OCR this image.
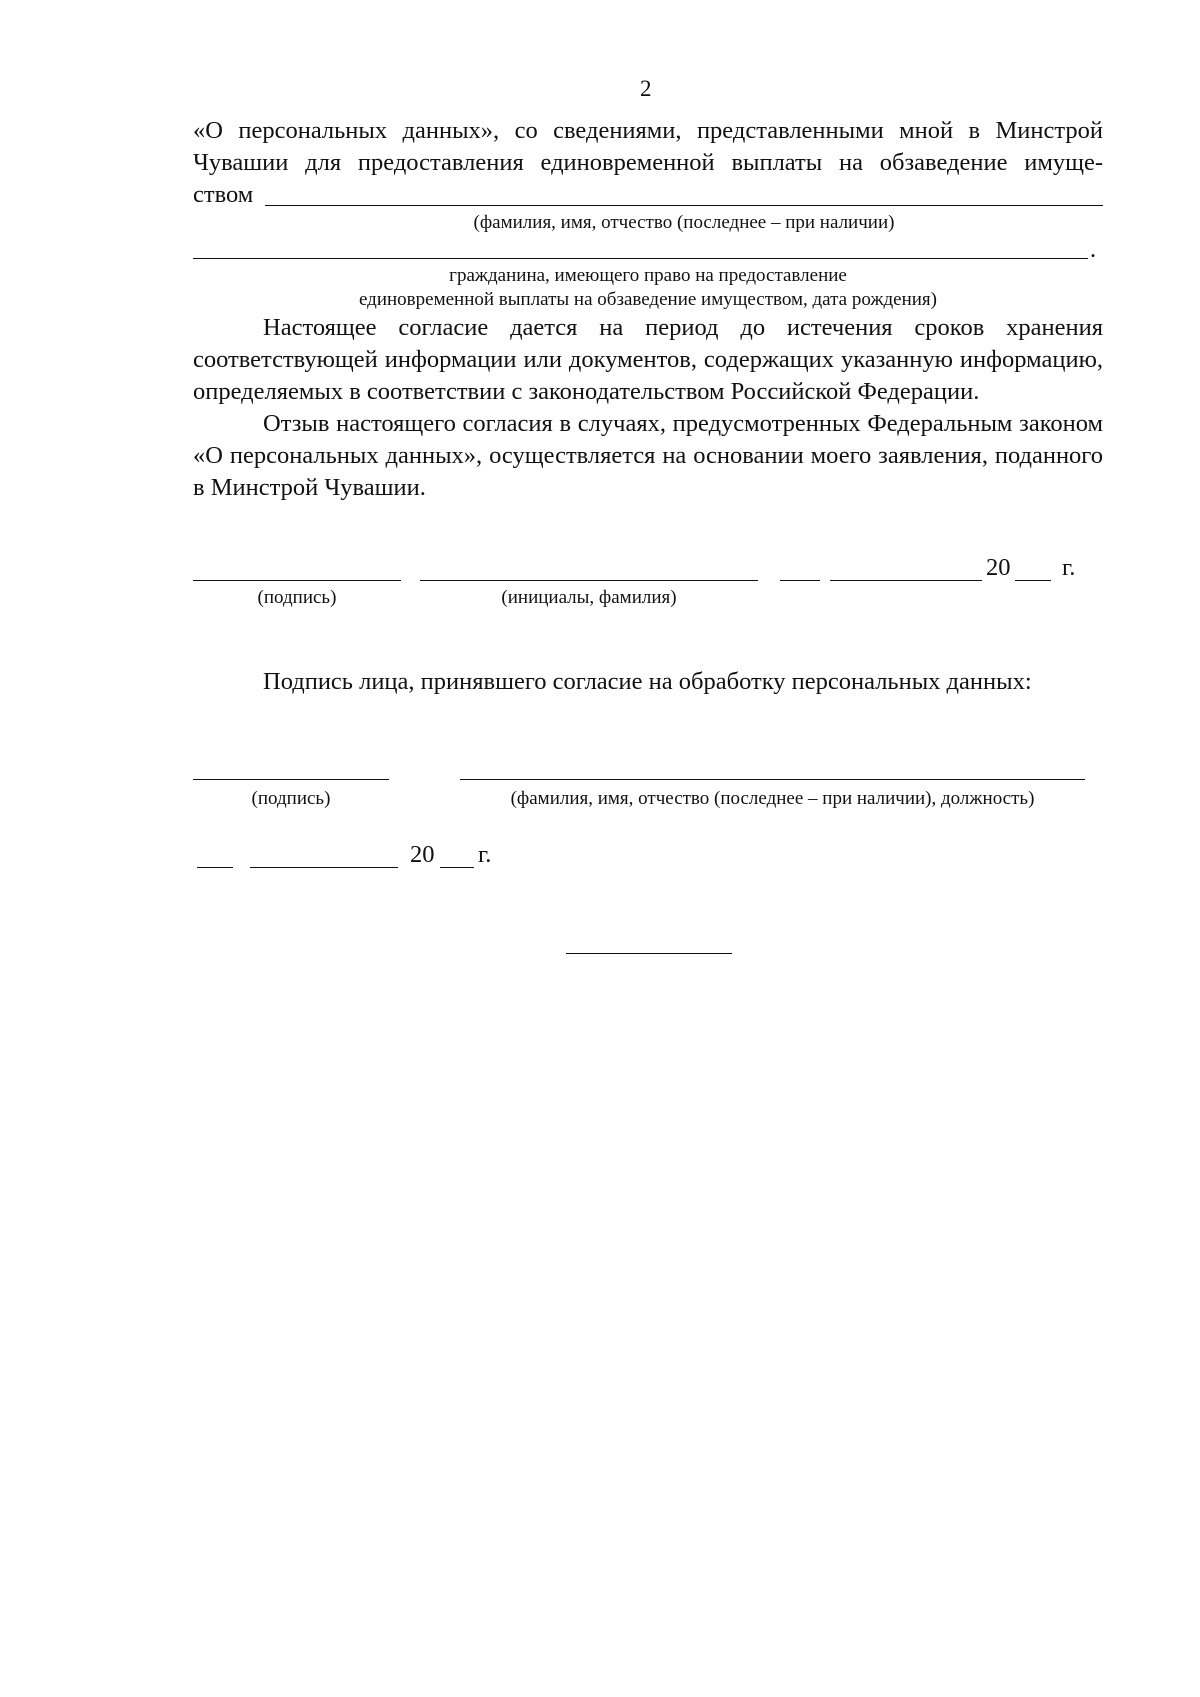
2
«О персональных данных», со сведениями, представленными мной в Минстрой
Чувашии для предоставления единовременной выплаты на обзаведение имуще-
ством
(фамилия, имя, отчество (последнее – при наличии)
.
гражданина, имеющего право на предоставление
единовременной выплаты на обзаведение имуществом, дата рождения)
Настоящее согласие дается на период до истечения сроков хранения соответствующей информации или документов, содержащих указанную информацию, определяемых в соответствии с законодательством Российской Федерации.
Отзыв настоящего согласия в случаях, предусмотренных Федеральным законом «О персональных данных», осуществляется на основании моего заявления, поданного в Минстрой Чувашии.
20 г.
(подпись)	(инициалы, фамилия)
Подпись лица, принявшего согласие на обработку персональных данных:
(подпись)	(фамилия, имя, отчество (последнее – при наличии), должность)
20 г.
